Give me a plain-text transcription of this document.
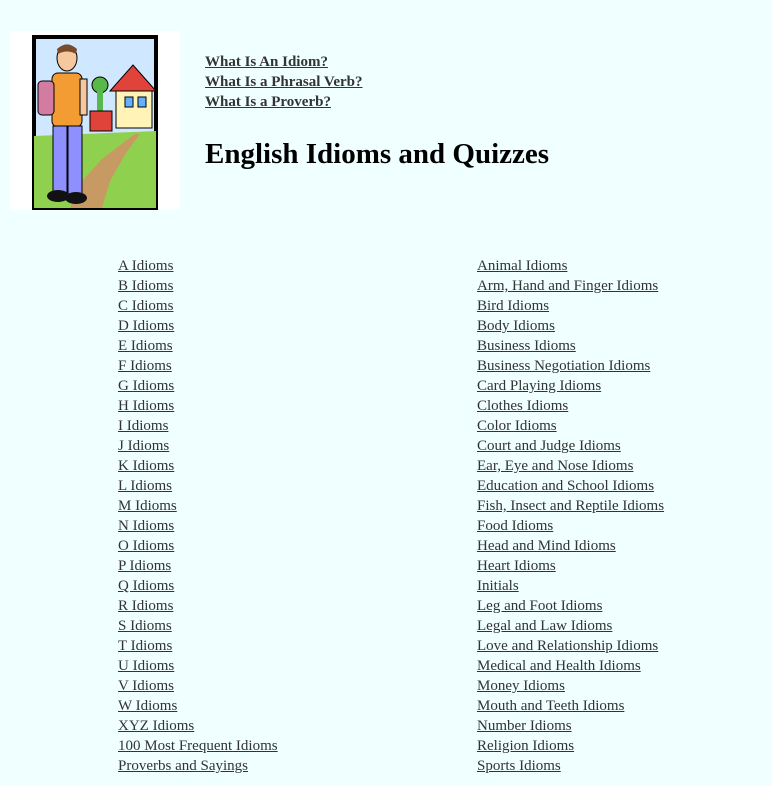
What Is An Idiom?
What Is a Phrasal Verb?
What Is a Proverb?
English Idioms and Quizzes
A Idioms
B Idioms
C Idioms
D Idioms
E Idioms
F Idioms
G Idioms
H Idioms
I Idioms
J Idioms
K Idioms
L Idioms
M Idioms
N Idioms
O Idioms
P Idioms
Q Idioms
R Idioms
S Idioms
T Idioms
U Idioms
V Idioms
W Idioms
XYZ Idioms
100 Most Frequent Idioms
Proverbs and Sayings
Animal Idioms
Arm, Hand and Finger Idioms
Bird Idioms
Body Idioms
Business Idioms
Business Negotiation Idioms
Card Playing Idioms
Clothes Idioms
Color Idioms
Court and Judge Idioms
Ear, Eye and Nose Idioms
Education and School Idioms
Fish, Insect and Reptile Idioms
Food Idioms
Head and Mind Idioms
Heart Idioms
Initials
Leg and Foot Idioms
Legal and Law Idioms
Love and Relationship Idioms
Medical and Health Idioms
Money Idioms
Mouth and Teeth Idioms
Number Idioms
Religion Idioms
Sports Idioms
